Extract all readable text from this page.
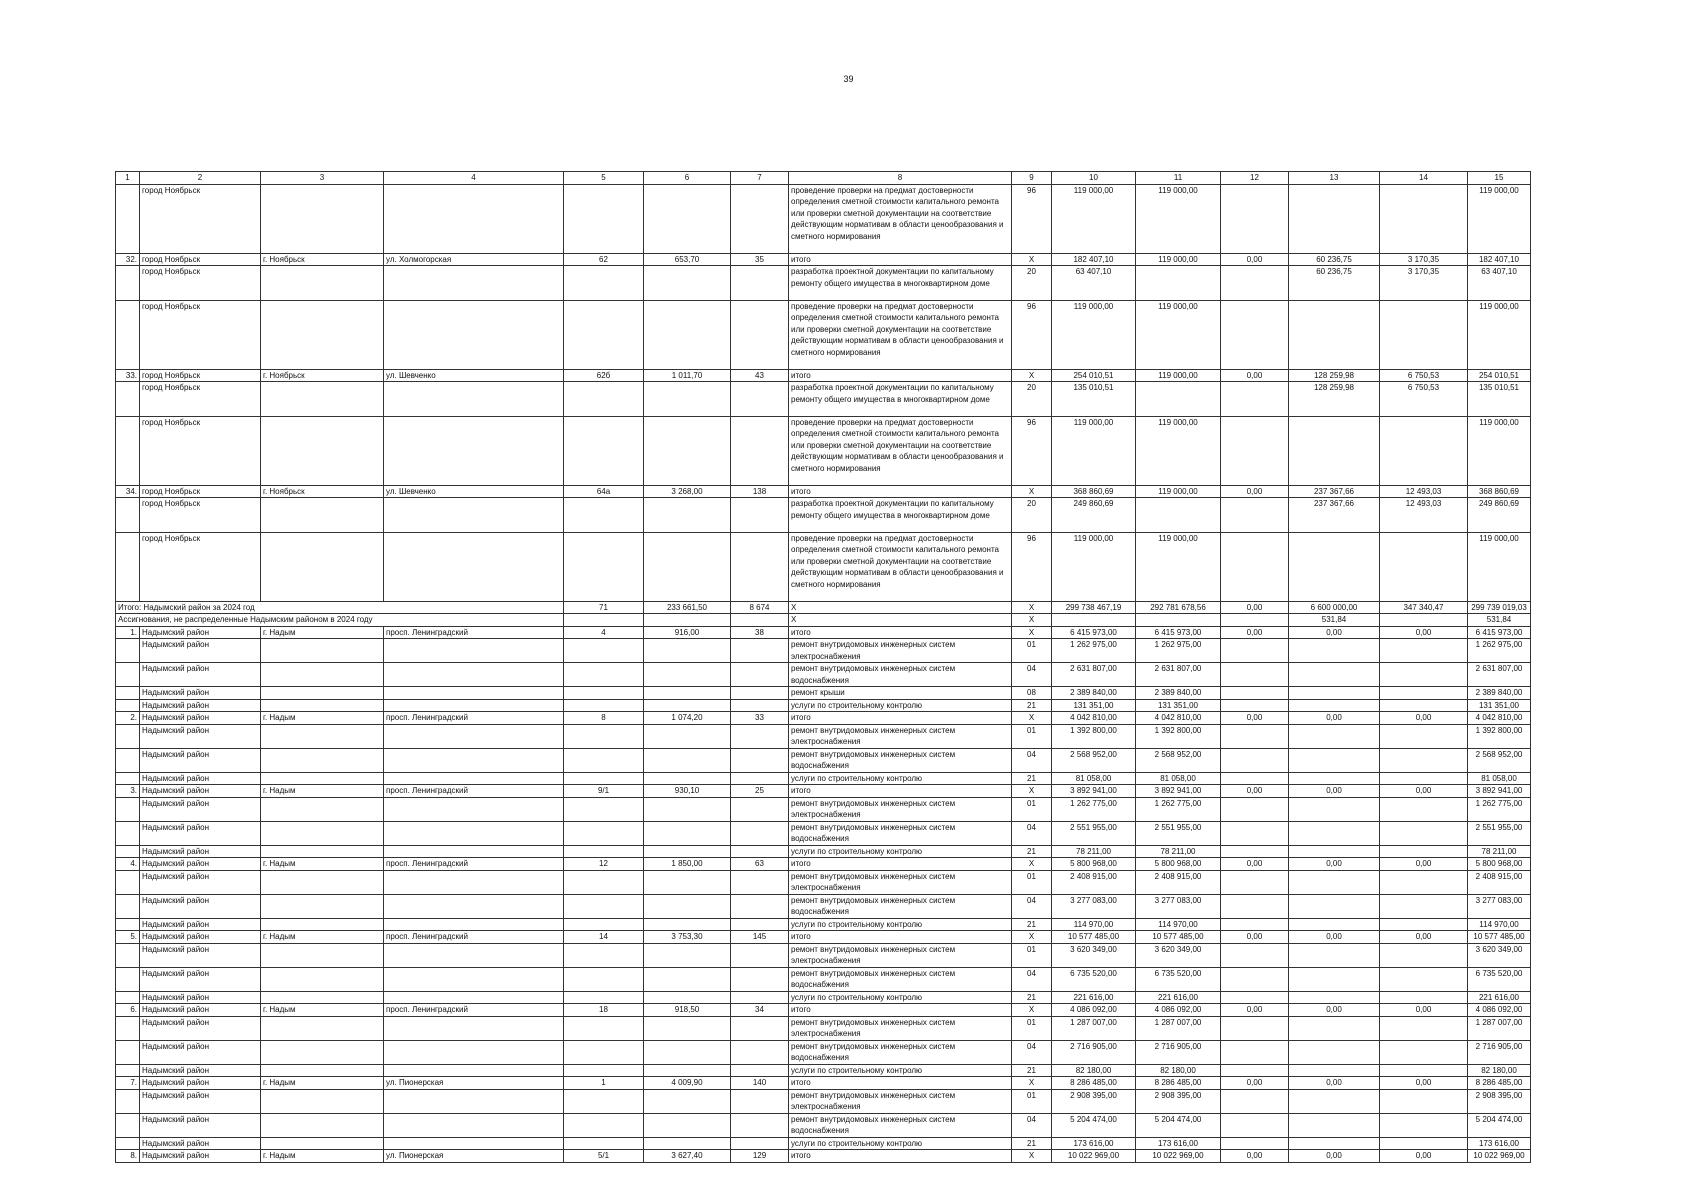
39
1	2	3	4	5	6	7	8	9	10	11	12	13	14	15
	город Ноябрьск						проведение проверки на предмат достоверности определения сметной стоимости капитального ремонта или проверки сметной документации на соответствие действующим нормативам в области ценообразования и сметного нормирования	96	119 000,00	119 000,00				119 000,00
32.	город Ноябрьск	г. Ноябрьск	ул. Холмогорская	62	653,70	35	итого	X	182 407,10	119 000,00	0,00	60 236,75	3 170,35	182 407,10
	город Ноябрьск						разработка проектной документации по капитальному ремонту общего имущества в многоквартирном доме	20	63 407,10			60 236,75	3 170,35	63 407,10
	город Ноябрьск						проведение проверки на предмат достоверности определения сметной стоимости капитального ремонта или проверки сметной документации на соответствие действующим нормативам в области ценообразования и сметного нормирования	96	119 000,00	119 000,00				119 000,00
33.	город Ноябрьск	г. Ноябрьск	ул. Шевченко	62б	1 011,70	43	итого	X	254 010,51	119 000,00	0,00	128 259,98	6 750,53	254 010,51
	город Ноябрьск						разработка проектной документации по капитальному ремонту общего имущества в многоквартирном доме	20	135 010,51			128 259,98	6 750,53	135 010,51
	город Ноябрьск						проведение проверки на предмат достоверности определения сметной стоимости капитального ремонта или проверки сметной документации на соответствие действующим нормативам в области ценообразования и сметного нормирования	96	119 000,00	119 000,00				119 000,00
34.	город Ноябрьск	г. Ноябрьск	ул. Шевченко	64а	3 268,00	138	итого	X	368 860,69	119 000,00	0,00	237 367,66	12 493,03	368 860,69
	город Ноябрьск						разработка проектной документации по капитальному ремонту общего имущества в многоквартирном доме	20	249 860,69			237 367,66	12 493,03	249 860,69
	город Ноябрьск						проведение проверки на предмат достоверности определения сметной стоимости капитального ремонта или проверки сметной документации на соответствие действующим нормативам в области ценообразования и сметного нормирования	96	119 000,00	119 000,00				119 000,00
Итого: Надымский район за 2024 год				71	233 661,50	8 674	X	X	299 738 467,19	292 781 678,56	0,00	6 600 000,00	347 340,47	299 739 019,03
Ассигнования, не распределенные Надымским районом в 2024 году							X	X				531,84		531,84
1.	Надымский район	г. Надым	просп. Ленинградский	4	916,00	38	итого	X	6 415 973,00	6 415 973,00	0,00	0,00	0,00	6 415 973,00
	Надымский район						ремонт внутридомовых инженерных систем электроснабжения	01	1 262 975,00	1 262 975,00				1 262 975,00
	Надымский район						ремонт внутридомовых инженерных систем водоснабжения	04	2 631 807,00	2 631 807,00				2 631 807,00
	Надымский район						ремонт крыши	08	2 389 840,00	2 389 840,00				2 389 840,00
	Надымский район						услуги по строительному контролю	21	131 351,00	131 351,00				131 351,00
2.	Надымский район	г. Надым	просп. Ленинградский	8	1 074,20	33	итого	X	4 042 810,00	4 042 810,00	0,00	0,00	0,00	4 042 810,00
	Надымский район						ремонт внутридомовых инженерных систем электроснабжения	01	1 392 800,00	1 392 800,00				1 392 800,00
	Надымский район						ремонт внутридомовых инженерных систем водоснабжения	04	2 568 952,00	2 568 952,00				2 568 952,00
	Надымский район						услуги по строительному контролю	21	81 058,00	81 058,00				81 058,00
3.	Надымский район	г. Надым	просп. Ленинградский	9/1	930,10	25	итого	X	3 892 941,00	3 892 941,00	0,00	0,00	0,00	3 892 941,00
	Надымский район						ремонт внутридомовых инженерных систем электроснабжения	01	1 262 775,00	1 262 775,00				1 262 775,00
	Надымский район						ремонт внутридомовых инженерных систем водоснабжения	04	2 551 955,00	2 551 955,00				2 551 955,00
	Надымский район						услуги по строительному контролю	21	78 211,00	78 211,00				78 211,00
4.	Надымский район	г. Надым	просп. Ленинградский	12	1 850,00	63	итого	X	5 800 968,00	5 800 968,00	0,00	0,00	0,00	5 800 968,00
	Надымский район						ремонт внутридомовых инженерных систем электроснабжения	01	2 408 915,00	2 408 915,00				2 408 915,00
	Надымский район						ремонт внутридомовых инженерных систем водоснабжения	04	3 277 083,00	3 277 083,00				3 277 083,00
	Надымский район						услуги по строительному контролю	21	114 970,00	114 970,00				114 970,00
5.	Надымский район	г. Надым	просп. Ленинградский	14	3 753,30	145	итого	X	10 577 485,00	10 577 485,00	0,00	0,00	0,00	10 577 485,00
	Надымский район						ремонт внутридомовых инженерных систем электроснабжения	01	3 620 349,00	3 620 349,00				3 620 349,00
	Надымский район						ремонт внутридомовых инженерных систем водоснабжения	04	6 735 520,00	6 735 520,00				6 735 520,00
	Надымский район						услуги по строительному контролю	21	221 616,00	221 616,00				221 616,00
6.	Надымский район	г. Надым	просп. Ленинградский	18	918,50	34	итого	X	4 086 092,00	4 086 092,00	0,00	0,00	0,00	4 086 092,00
	Надымский район						ремонт внутридомовых инженерных систем электроснабжения	01	1 287 007,00	1 287 007,00				1 287 007,00
	Надымский район						ремонт внутридомовых инженерных систем водоснабжения	04	2 716 905,00	2 716 905,00				2 716 905,00
	Надымский район						услуги по строительному контролю	21	82 180,00	82 180,00				82 180,00
7.	Надымский район	г. Надым	ул. Пионерская	1	4 009,90	140	итого	X	8 286 485,00	8 286 485,00	0,00	0,00	0,00	8 286 485,00
	Надымский район						ремонт внутридомовых инженерных систем электроснабжения	01	2 908 395,00	2 908 395,00				2 908 395,00
	Надымский район						ремонт внутридомовых инженерных систем водоснабжения	04	5 204 474,00	5 204 474,00				5 204 474,00
	Надымский район						услуги по строительному контролю	21	173 616,00	173 616,00				173 616,00
8.	Надымский район	г. Надым	ул. Пионерская	5/1	3 627,40	129	итого	X	10 022 969,00	10 022 969,00	0,00	0,00	0,00	10 022 969,00
